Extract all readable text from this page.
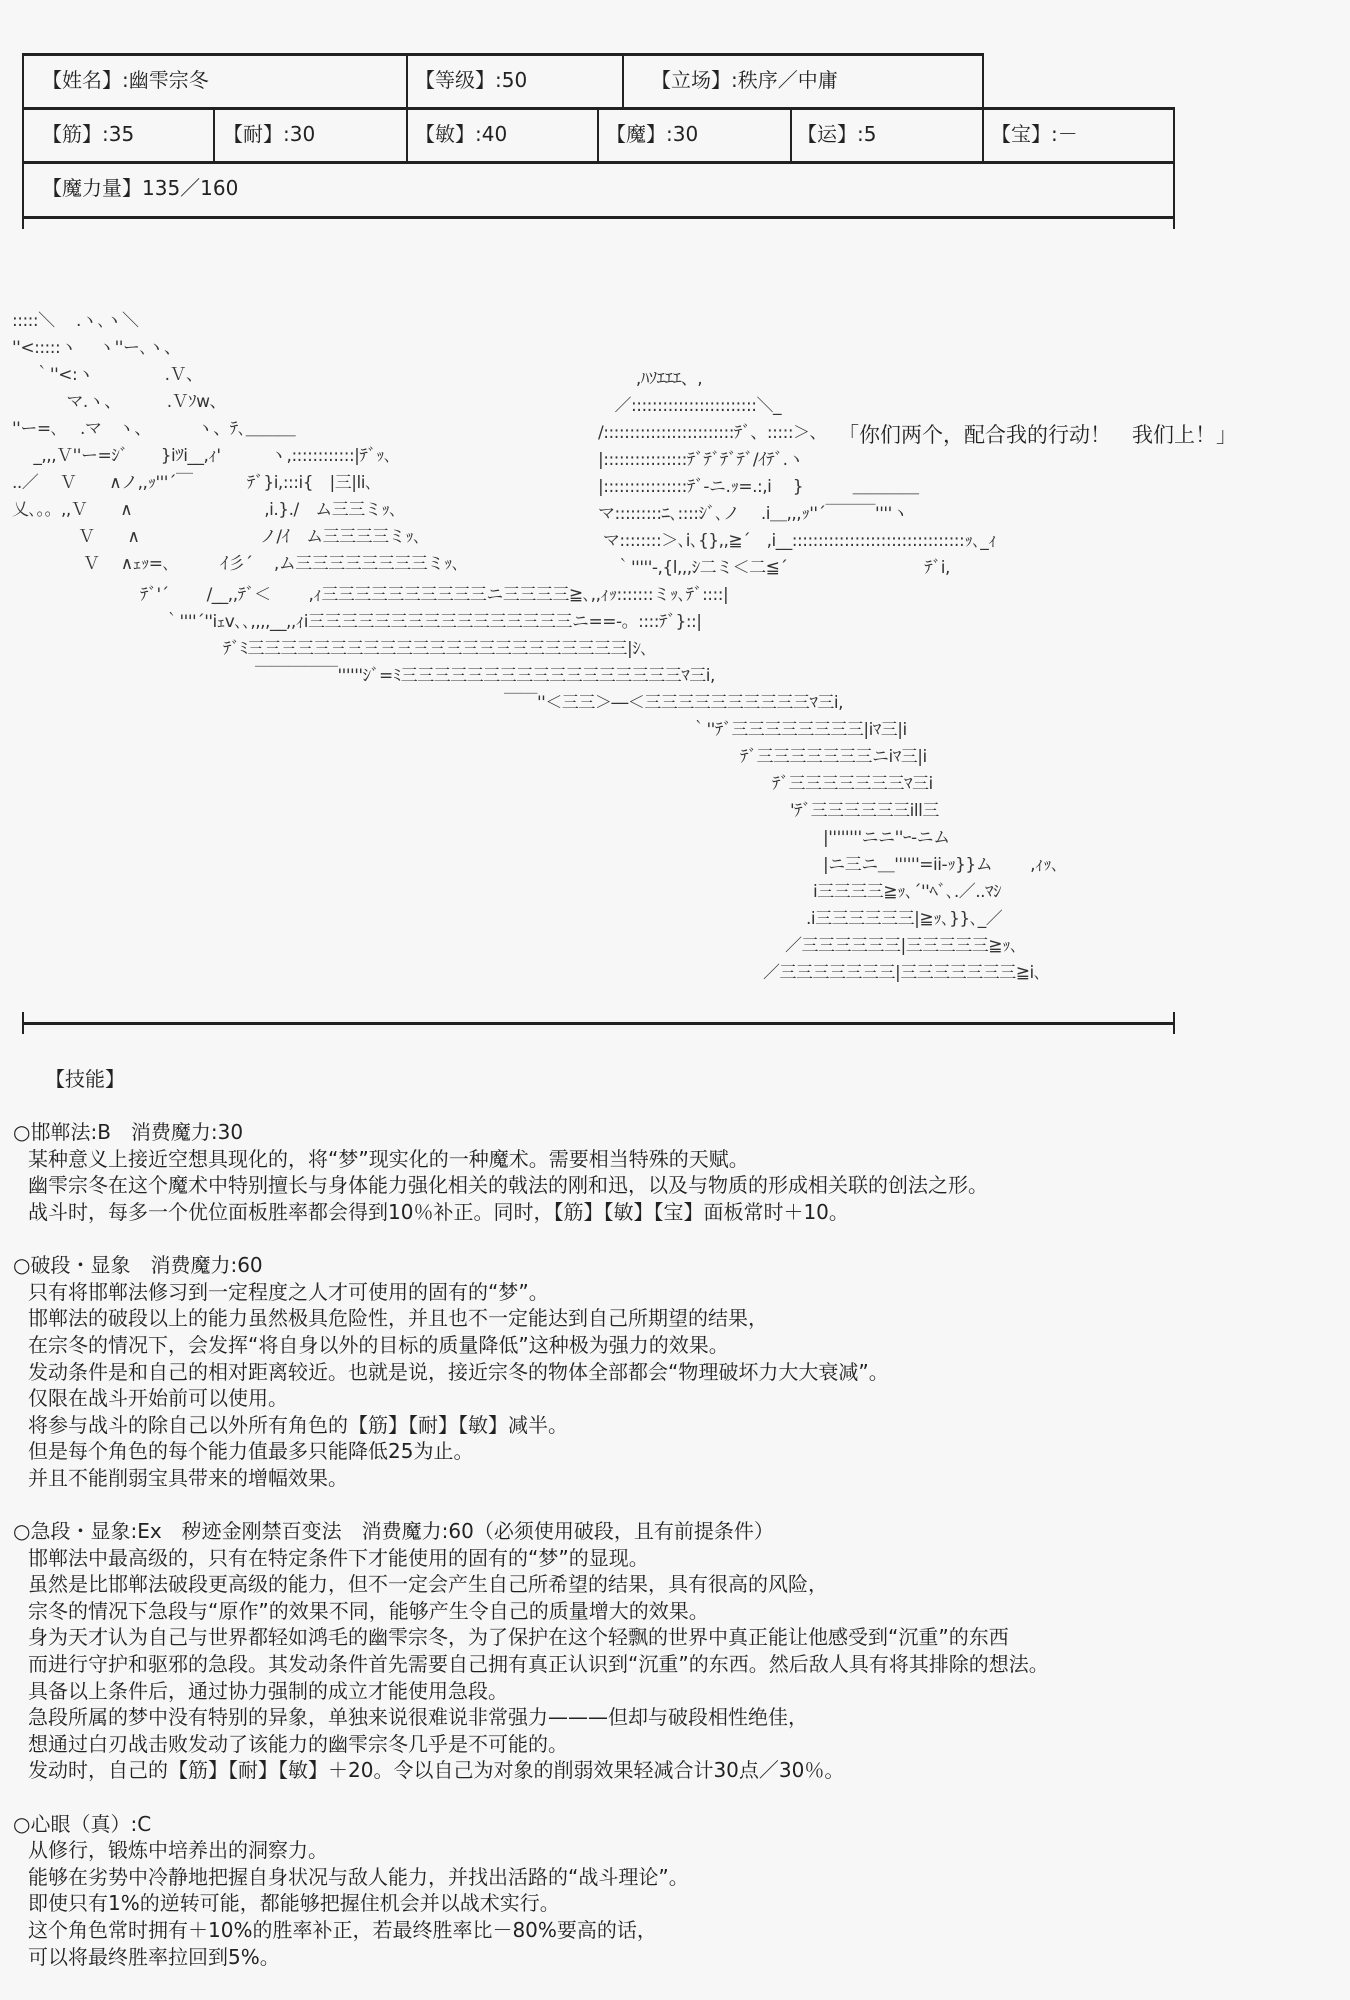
【姓名】:幽雫宗冬	【等级】:50	【立场】:秩序／中庸
【筋】:35	【耐】:30	【敏】:40	【魔】:30	【运】:5	【宝】:－
【魔力量】135／160
:::::＼　 .ヽ､ヽ＼
''<:::::ヽ　 ヽ''ー､ヽ、
　 ｀''<:ヽ　　　　 .Ｖ、
　　　 マ.ヽ、　　　 .Ｖｿw、
''ー=､　 .マ　ヽ、　　　 ヽ、ﾃ､＿＿＿
　 _,,,Ｖ''ー=ｼﾞ　　}iﾂi__,ｨ'　　　ヽ,::::::::::::|ﾃﾞｯ､
..／　 Ｖ　　∧ノ,,ｯ'''´￣　　　 ﾃﾞ}i,:::i{　|三|li､
乂､。。,,Ｖ　　∧　　　　　　　　,i.}./　ム三三ミｯ､
　　　　Ｖ　　∧　　　　　　　 ノ/ｲ　ム三三三三ミｯ､
　　　　 Ｖ　 ∧ｪｯ=､　　　ｲ彡´　 ,ム三三三三三三三三ミｯ､
　　 ,ﾊｿｴｴｴ、,
　／::::::::::::::::::::::::＼_
/:::::::::::::::::::::::::ﾃﾞ、:::::＞、
|::::::::::::::::ﾃﾞﾃﾞﾃﾞﾃﾞ/ｲﾃﾞ.ヽ
|::::::::::::::::ﾃﾞ-ニ.ｯ=.:,i　 }　　　＿＿＿＿
マ:::::::::ﾆ､::::ｼﾞ､ノ　 .i＿,,,ｯ''´￣￣￣''''ヽ
マ::::::::＞､i､{},,≧´　,i__:::::::::::::::::::::::::::::::::ｯ､_ｨ
　｀'''''-,{l,,,ｼ二ミ＜二≦´　　　　　　　　 ﾃﾞi,
ﾃﾞ'´　　 /__,,ﾃﾞ＜　　 ,ｨ三三三三三三三三三三ニ三三三三≧､,,ｨｯ:::::::ミｯ､ﾃﾞ::::|
｀''''´''iｪv､､,,,,__,,ｨi三三三三三三三三三三三三三三三三ニ==-。::::ﾃﾞ}::|
ﾃﾞﾐ三三三三三三三三三三三三三三三三三三三三三三三|ｼ､
￣￣￣￣￣''''''ｼﾞ=ﾐ三三三三三三三三三三三三三三三三三ﾏ三i,
￣￣''＜三三＞―＜三三三三三三三三三三ﾏ三i,
｀''ﾃﾞ三三三三三三三三|iﾏ三|i
ﾃﾞ三三三三三三三ニiﾏ三|i
ﾃﾞ三三三三三三三ﾏ三i
'ﾃﾞ三三三三三三ill三
|''''''''ニニ''ｰ-ニム
|ニ三ニ＿''''''=ii-ｯ}}ム　　 ,ｨｯ､
i三三三三≧ｯ､´''ﾍﾞ､.／..ﾏｼ
.i三三三三三三|≧ｯ､}}､_／
／三三三三三三|三三三三三≧ｯ､
／三三三三三三三|三三三三三三三≧i､
「你们两个，配合我的行动！　我们上！」
【技能】
○邯郸法:B　消费魔力:30
某种意义上接近空想具现化的，将“梦”现实化的一种魔术。需要相当特殊的天赋。
幽雫宗冬在这个魔术中特别擅长与身体能力强化相关的戟法的刚和迅，以及与物质的形成相关联的创法之形。
战斗时，每多一个优位面板胜率都会得到10％补正。同时，【筋】【敏】【宝】面板常时＋10。
○破段・显象　消费魔力:60
只有将邯郸法修习到一定程度之人才可使用的固有的“梦”。
邯郸法的破段以上的能力虽然极具危险性，并且也不一定能达到自己所期望的结果，
在宗冬的情况下，会发挥“将自身以外的目标的质量降低”这种极为强力的效果。
发动条件是和自己的相对距离较近。也就是说，接近宗冬的物体全部都会“物理破坏力大大衰减”。
仅限在战斗开始前可以使用。
将参与战斗的除自己以外所有角色的【筋】【耐】【敏】减半。
但是每个角色的每个能力值最多只能降低25为止。
并且不能削弱宝具带来的增幅效果。
○急段・显象:Ex　秽迹金刚禁百变法　消费魔力:60（必须使用破段，且有前提条件）
邯郸法中最高级的，只有在特定条件下才能使用的固有的“梦”的显现。
虽然是比邯郸法破段更高级的能力，但不一定会产生自己所希望的结果，具有很高的风险，
宗冬的情况下急段与“原作”的效果不同，能够产生令自己的质量增大的效果。
身为天才认为自己与世界都轻如鸿毛的幽雫宗冬，为了保护在这个轻飘的世界中真正能让他感受到“沉重”的东西
而进行守护和驱邪的急段。其发动条件首先需要自己拥有真正认识到“沉重”的东西。然后敌人具有将其排除的想法。
具备以上条件后，通过协力强制的成立才能使用急段。
急段所属的梦中没有特别的异象，单独来说很难说非常强力———但却与破段相性绝佳，
想通过白刃战击败发动了该能力的幽雫宗冬几乎是不可能的。
发动时，自己的【筋】【耐】【敏】＋20。令以自己为对象的削弱效果轻减合计30点／30％。
○心眼（真）:C
从修行，锻炼中培养出的洞察力。
能够在劣势中冷静地把握自身状况与敌人能力，并找出活路的“战斗理论”。
即使只有1%的逆转可能，都能够把握住机会并以战术实行。
这个角色常时拥有＋10%的胜率补正，若最终胜率比－80%要高的话，
可以将最终胜率拉回到5%。
